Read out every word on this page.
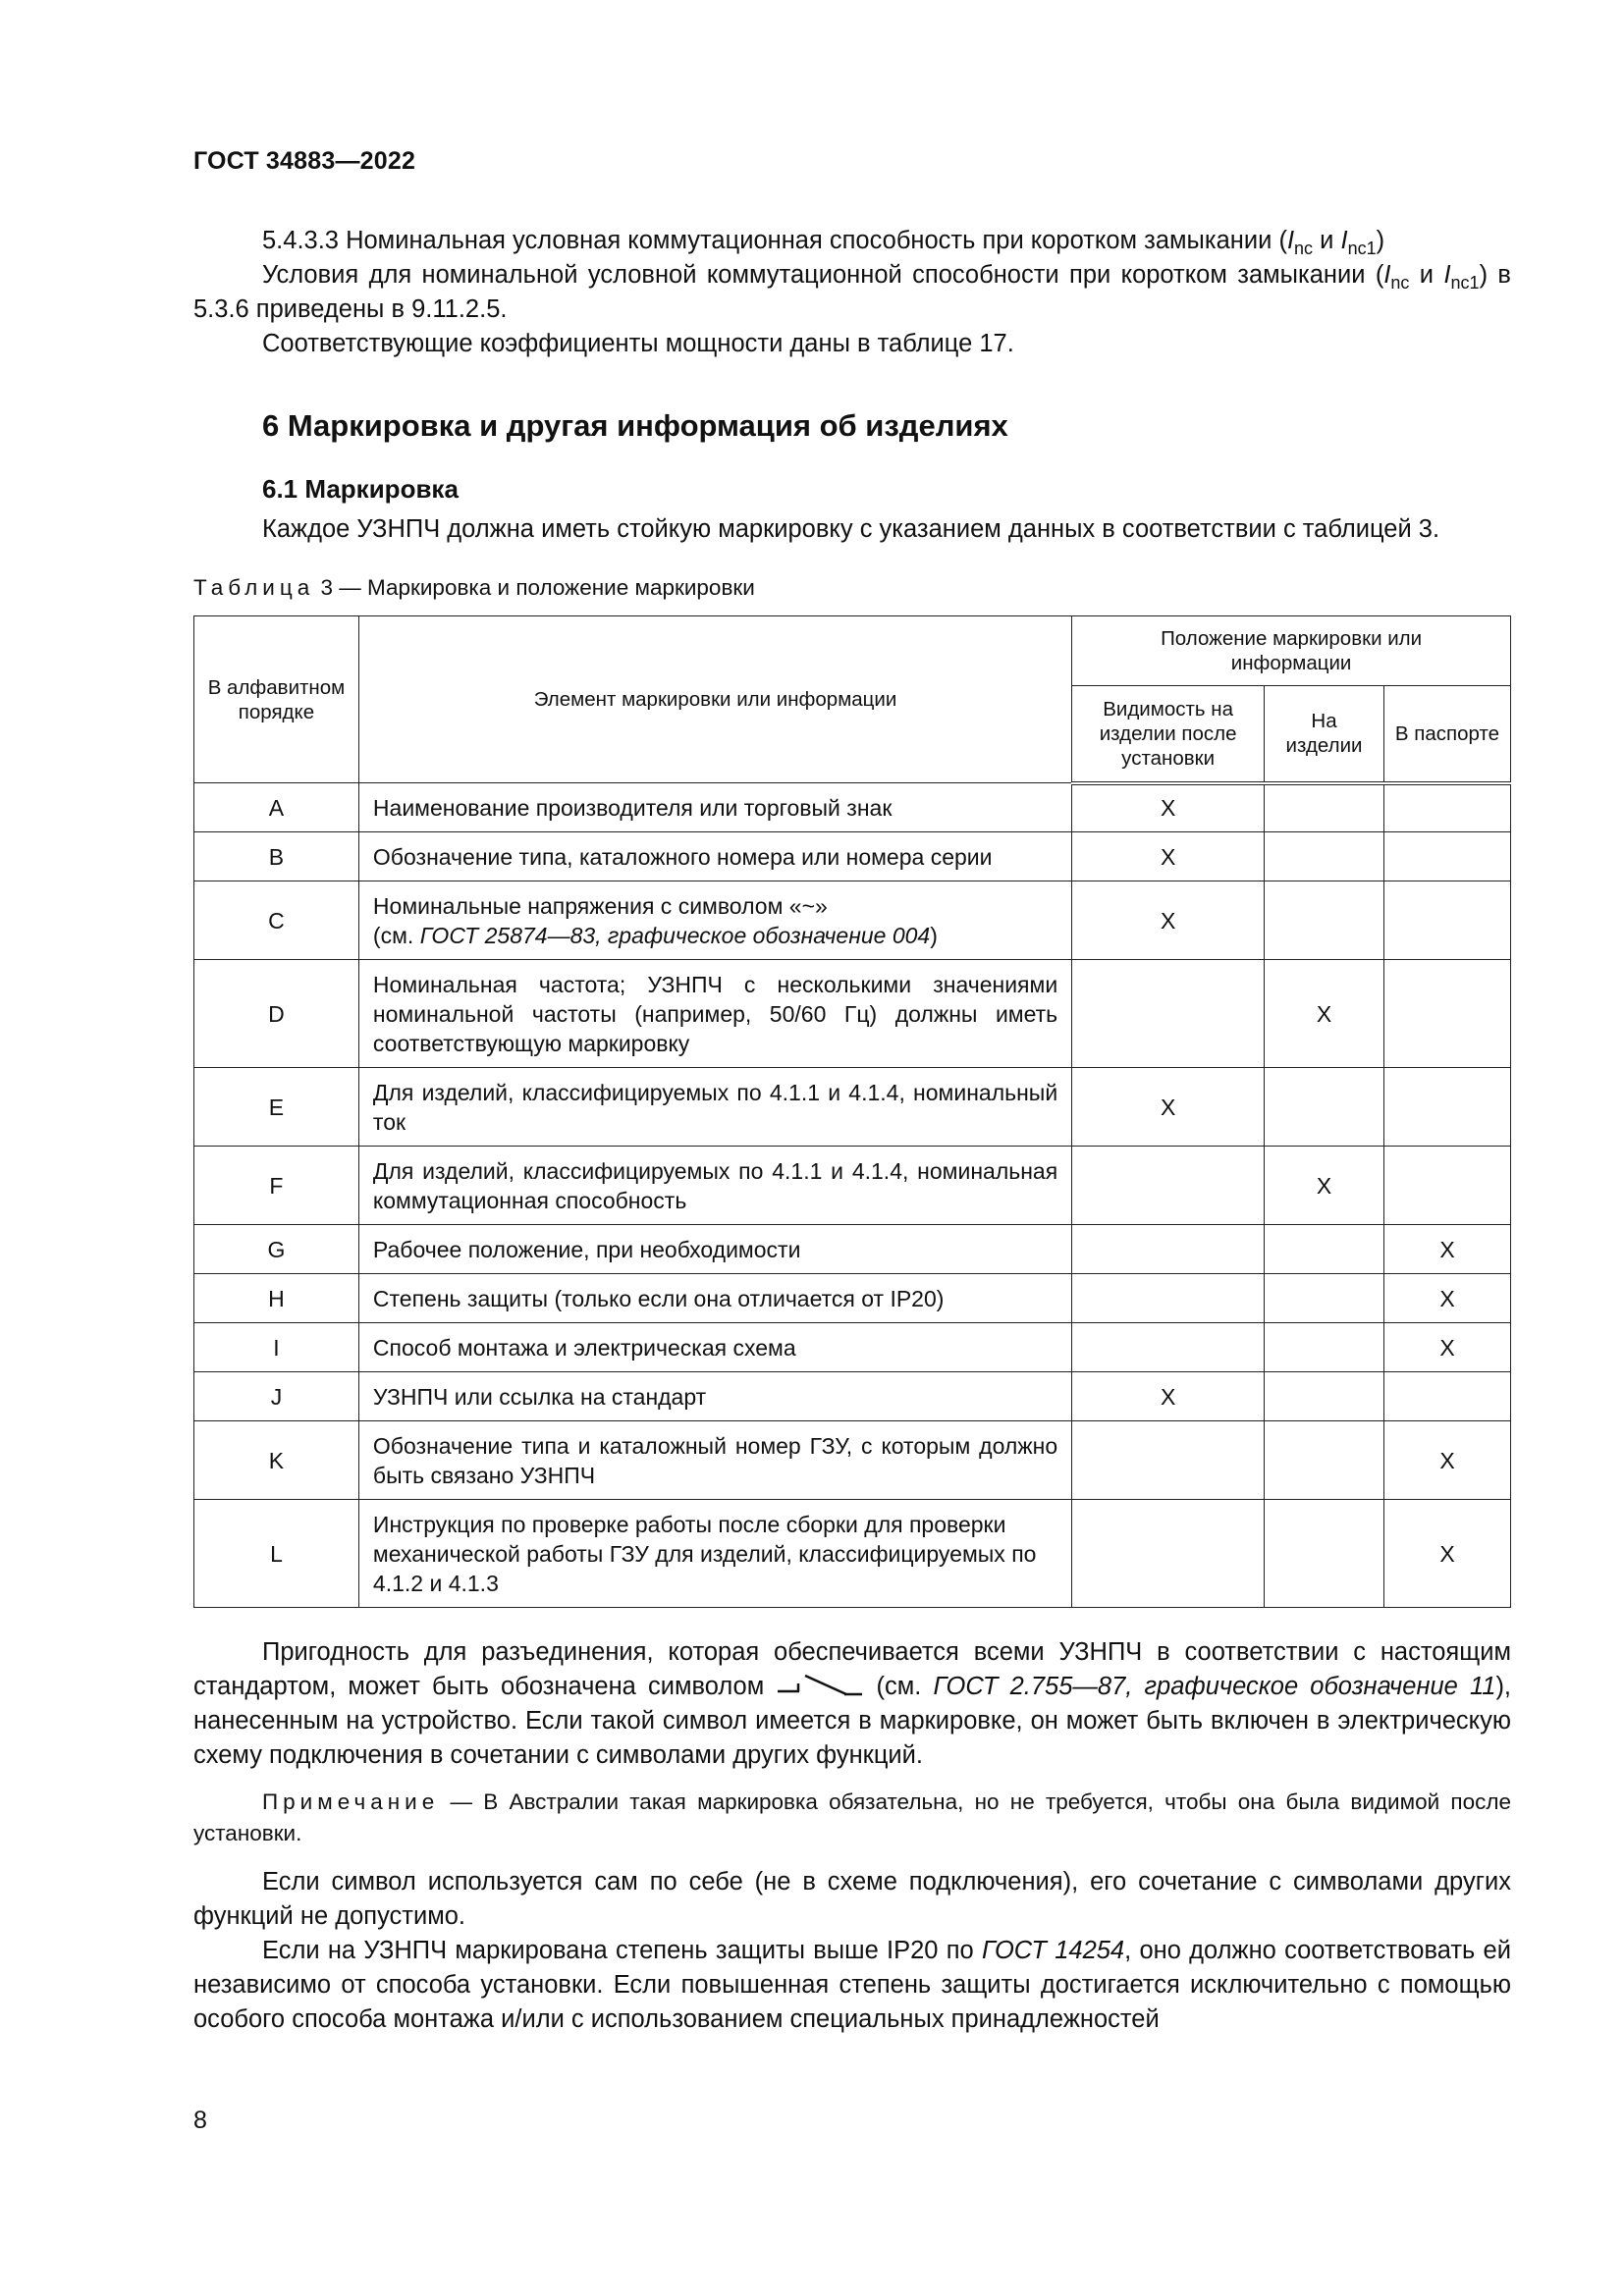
ГОСТ 34883—2022

5.4.3.3 Номинальная условная коммутационная способность при коротком замыкании ($I_{nc}$ и $I_{nc1}$)

Условия для номинальной условной коммутационной способности при коротком замыкании ($I_{nc}$ и $I_{nc1}$) в 5.3.6 приведены в 9.11.2.5.

Соответствующие коэффициенты мощности даны в таблице 17.

6 Маркировка и другая информация об изделиях
6.1 Маркировка

Каждое УЗНПЧ должна иметь стойкую маркировку с указанием данных в соответствии с таблицей 3.

Таблица 3 — Маркировка и положение маркировки
В алфавитном порядке	Элемент маркировки или информации	Положение маркировки или информации		
		Видимость на изделии после установки	На изделии	В паспорте
A	Наименование производителя или торговый знак	X		
B	Обозначение типа, каталожного номера или номера серии	X		
C	Номинальные напряжения с символом «~»
(см. ГОСТ 25874—83, графическое обозначение 004)	X		
D	Номинальная частота; УЗНПЧ с несколькими значениями номинальной частоты (например, 50/60 Гц) должны иметь соответствующую маркировку		X	
E	Для изделий, классифицируемых по 4.1.1 и 4.1.4, номинальный ток	X		
F	Для изделий, классифицируемых по 4.1.1 и 4.1.4, номинальная коммутационная способность		X	
G	Рабочее положение, при необходимости			X
H	Степень защиты (только если она отличается от IP20)			X
I	Способ монтажа и электрическая схема			X
J	УЗНПЧ или ссылка на стандарт	X		
K	Обозначение типа и каталожный номер ГЗУ, с которым должно быть связано УЗНПЧ			X
L	Инструкция по проверке работы после сборки для проверки механической работы ГЗУ для изделий, классифицируемых по 4.1.2 и 4.1.3			X

Пригодность для разъединения, которая обеспечивается всеми УЗНПЧ в соответствии с настоящим стандартом, может быть обозначена символом	(см. ГОСТ 2.755—87, графическое обозначение 11), нанесенным на устройство. Если такой символ имеется в маркировке, он может быть включен в электрическую схему подключения в сочетании с символами других функций.

Примечание — В Австралии такая маркировка обязательна, но не требуется, чтобы она была видимой после установки.

Если символ используется сам по себе (не в схеме подключения), его сочетание с символами других функций не допустимо.

Если на УЗНПЧ маркирована степень защиты выше IP20 по ГОСТ 14254, оно должно соответствовать ей независимо от способа установки. Если повышенная степень защиты достигается исключительно с помощью особого способа монтажа и/или с использованием специальных принадлежностей

8
